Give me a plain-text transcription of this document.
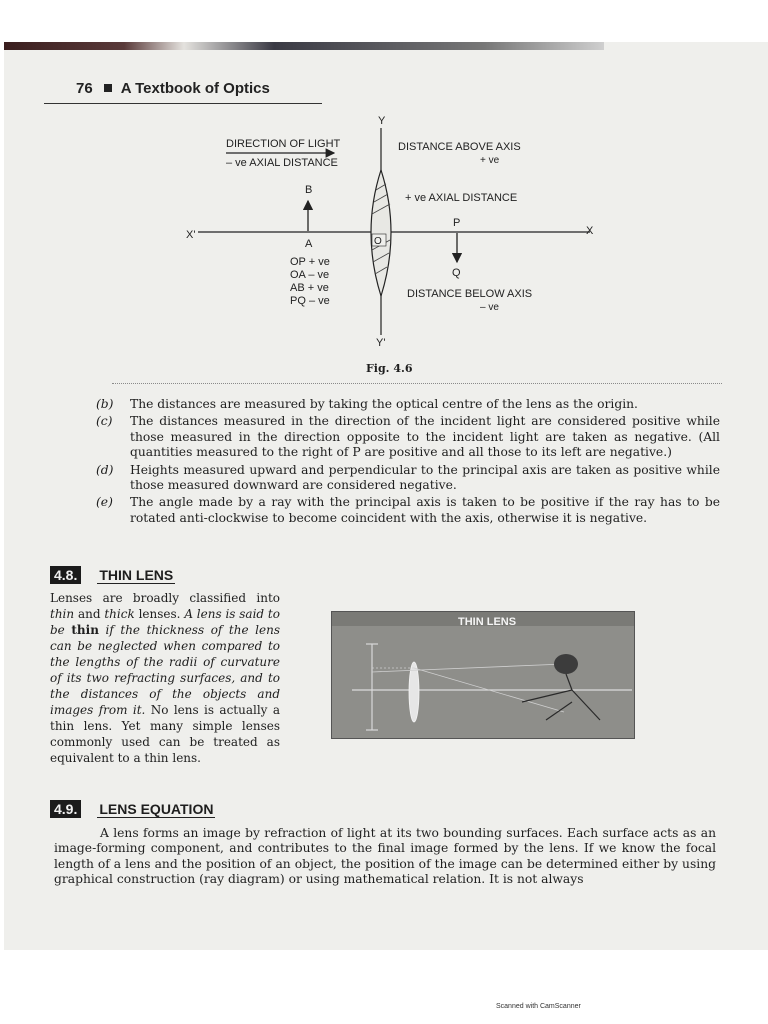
76 A Textbook of Optics
Y
Y'
X'	X
DIRECTION OF LIGHT
– ve AXIAL DISTANCE
DISTANCE ABOVE AXIS
+ ve
+ ve AXIAL DISTANCE
B
A	O
P
Q
OP + ve
OA – ve
AB + ve
PQ – ve
DISTANCE BELOW AXIS
– ve
Fig. 4.6
(b) The distances are measured by taking the optical centre of the lens as the origin.
(c) The distances measured in the direction of the incident light are considered positive while those measured in the direction opposite to the incident light are taken as negative. (All quantities measured to the right of P are positive and all those to its left are negative.)
(d) Heights measured upward and perpendicular to the principal axis are taken as positive while those measured downward are considered negative.
(e) The angle made by a ray with the principal axis is taken to be positive if the ray has to be rotated anti-clockwise to become coincident with the axis, otherwise it is negative.
4.8. THIN LENS

Lenses are broadly classified into thin and thick lenses. A lens is said to be thin if the thickness of the lens can be neglected when compared to the lengths of the radii of curvature of its two refracting surfaces, and to the distances of the objects and images from it. No lens is actually a thin lens. Yet many simple lenses commonly used can be treated as equivalent to a thin lens.

THIN LENS
4.9. LENS EQUATION

A lens forms an image by refraction of light at its two bounding surfaces. Each surface acts as an image-forming component, and contributes to the final image formed by the lens. If we know the focal length of a lens and the position of an object, the position of the image can be determined either by using graphical construction (ray diagram) or using mathematical relation. It is not always

Scanned with CamScanner
